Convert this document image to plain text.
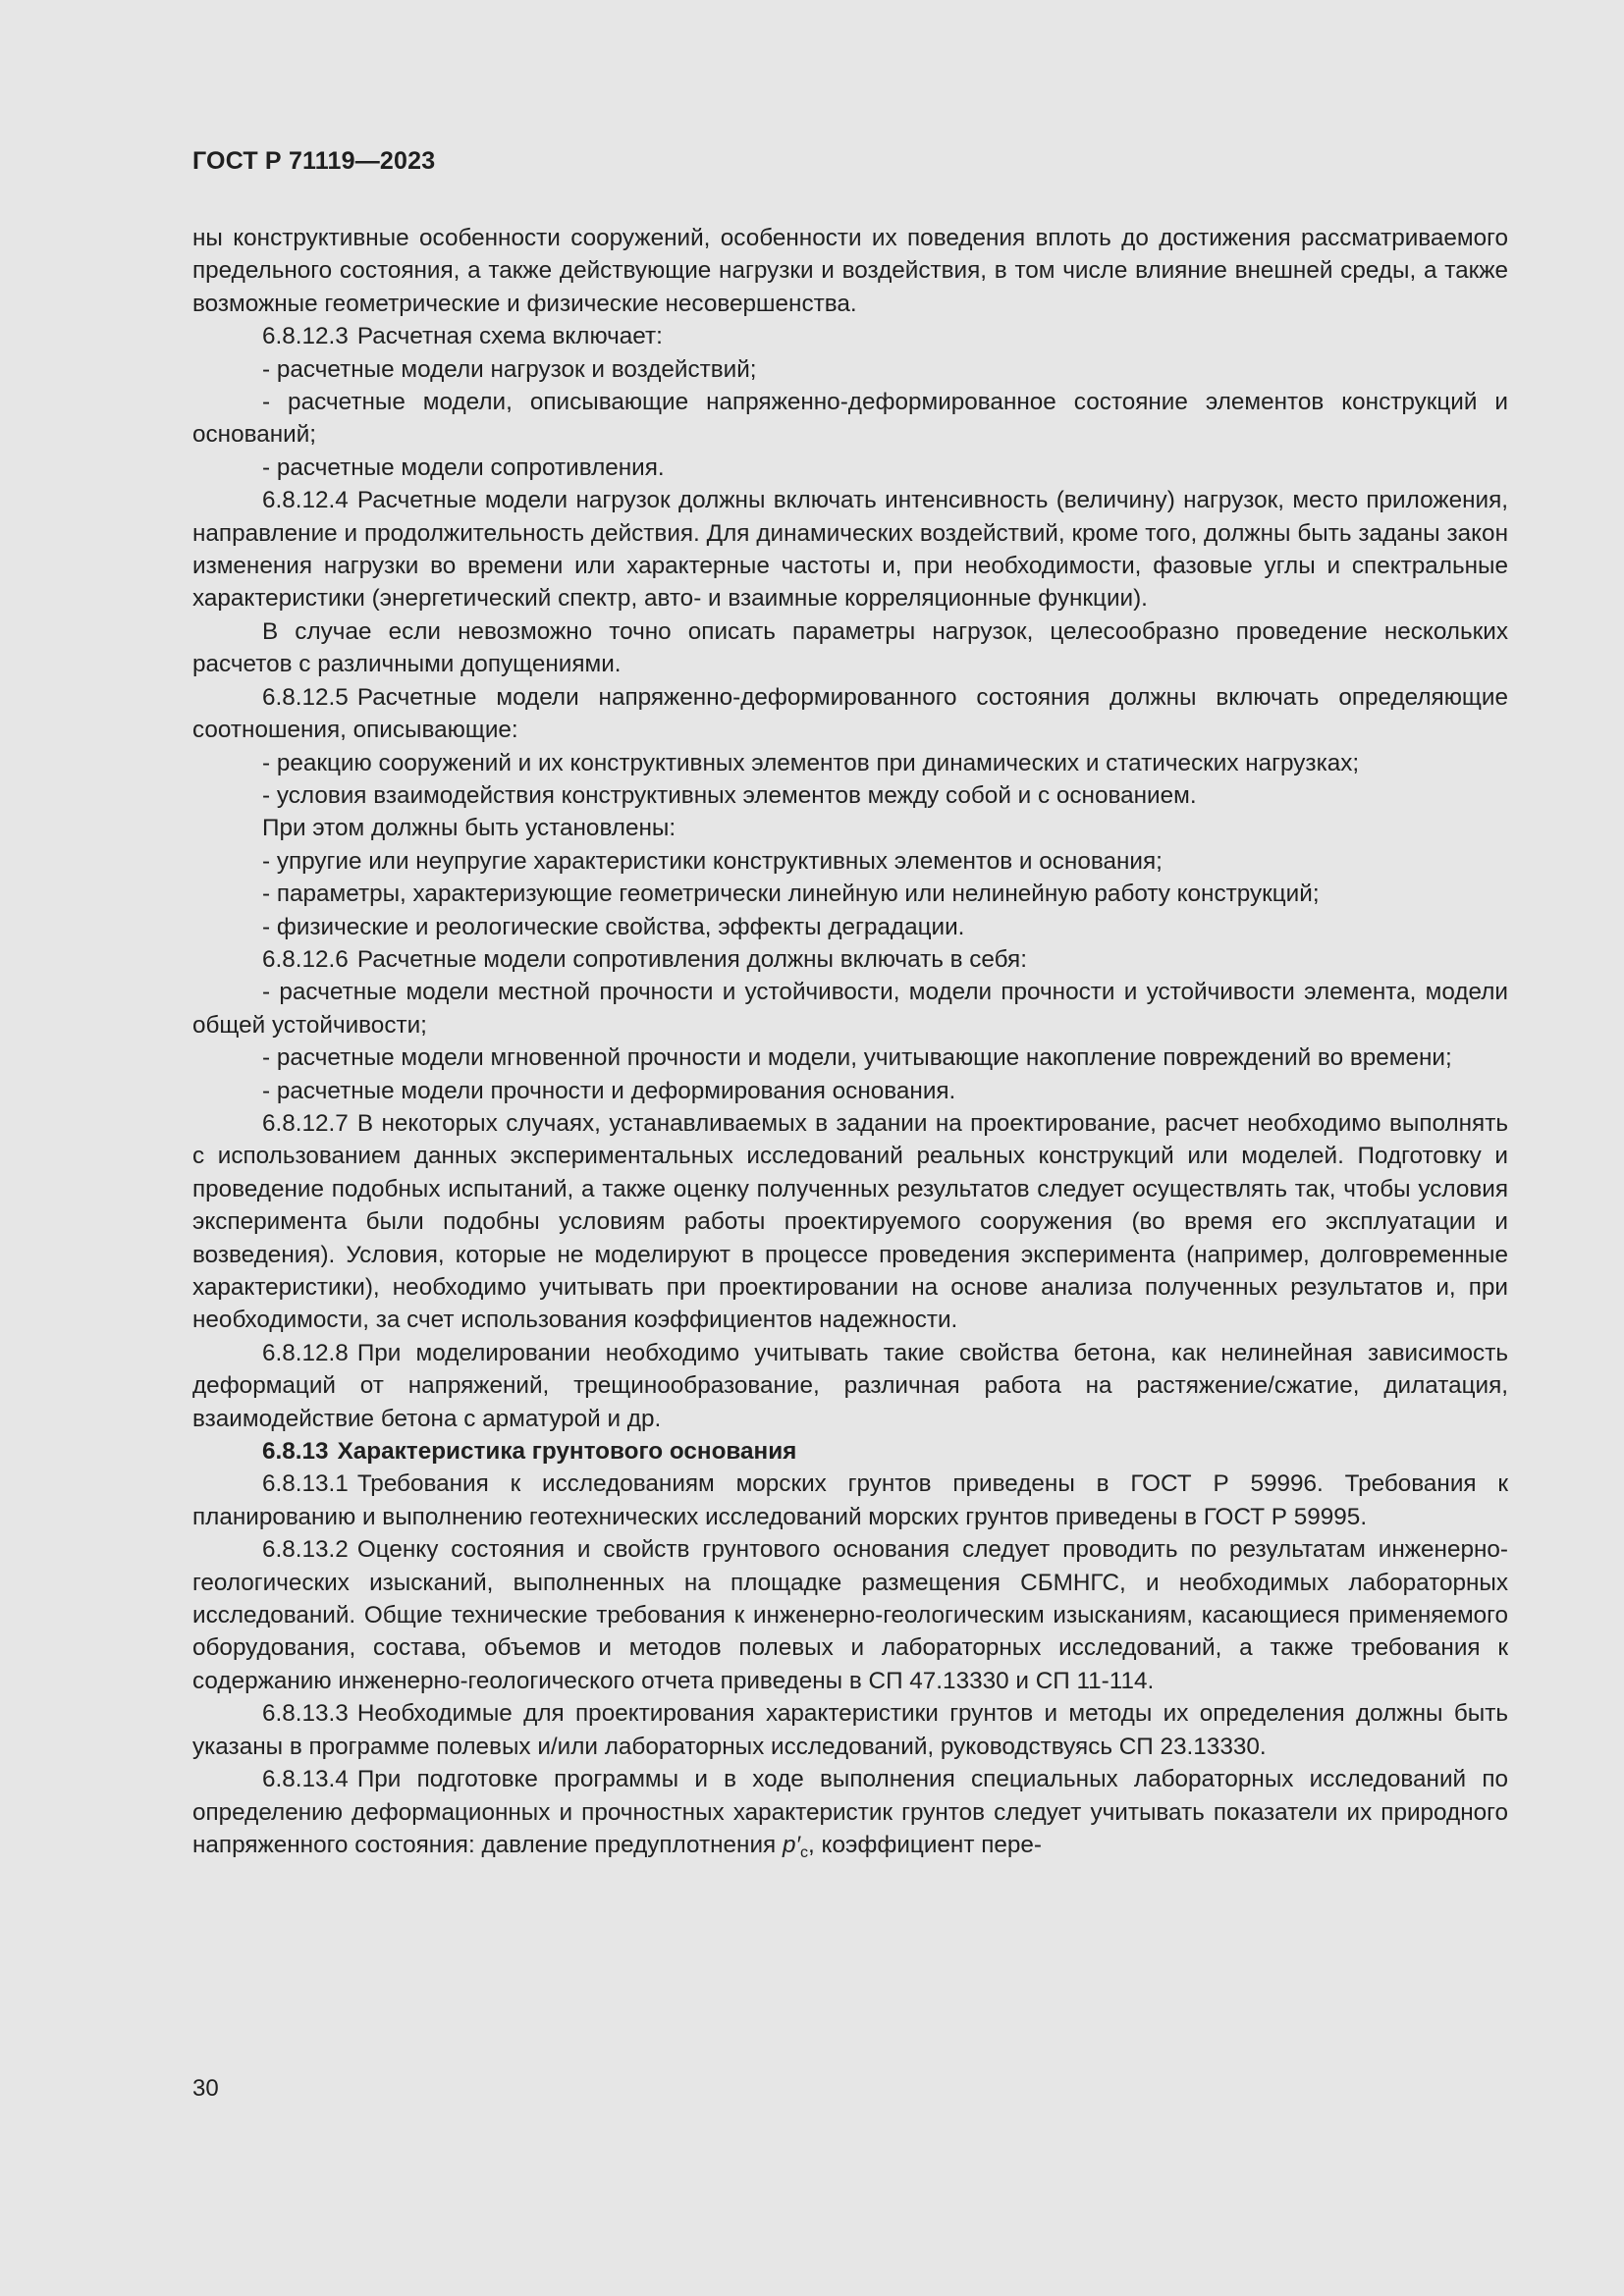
ГОСТ Р 71119—2023

ны конструктивные особенности сооружений, особенности их поведения вплоть до достижения рассматриваемого предельного состояния, а также действующие нагрузки и воздействия, в том числе влияние внешней среды, а также возможные геометрические и физические несовершенства.

6.8.12.3 Расчетная схема включает:

- расчетные модели нагрузок и воздействий;

- расчетные модели, описывающие напряженно-деформированное состояние элементов конструкций и оснований;

- расчетные модели сопротивления.

6.8.12.4 Расчетные модели нагрузок должны включать интенсивность (величину) нагрузок, место приложения, направление и продолжительность действия. Для динамических воздействий, кроме того, должны быть заданы закон изменения нагрузки во времени или характерные частоты и, при необходимости, фазовые углы и спектральные характеристики (энергетический спектр, авто- и взаимные корреляционные функции).

В случае если невозможно точно описать параметры нагрузок, целесообразно проведение нескольких расчетов с различными допущениями.

6.8.12.5 Расчетные модели напряженно-деформированного состояния должны включать определяющие соотношения, описывающие:

- реакцию сооружений и их конструктивных элементов при динамических и статических нагрузках;

- условия взаимодействия конструктивных элементов между собой и с основанием.

При этом должны быть установлены:

- упругие или неупругие характеристики конструктивных элементов и основания;

- параметры, характеризующие геометрически линейную или нелинейную работу конструкций;

- физические и реологические свойства, эффекты деградации.

6.8.12.6 Расчетные модели сопротивления должны включать в себя:

- расчетные модели местной прочности и устойчивости, модели прочности и устойчивости элемента, модели общей устойчивости;

- расчетные модели мгновенной прочности и модели, учитывающие накопление повреждений во времени;

- расчетные модели прочности и деформирования основания.

6.8.12.7 В некоторых случаях, устанавливаемых в задании на проектирование, расчет необходимо выполнять с использованием данных экспериментальных исследований реальных конструкций или моделей. Подготовку и проведение подобных испытаний, а также оценку полученных результатов следует осуществлять так, чтобы условия эксперимента были подобны условиям работы проектируемого сооружения (во время его эксплуатации и возведения). Условия, которые не моделируют в процессе проведения эксперимента (например, долговременные характеристики), необходимо учитывать при проектировании на основе анализа полученных результатов и, при необходимости, за счет использования коэффициентов надежности.

6.8.12.8 При моделировании необходимо учитывать такие свойства бетона, как нелинейная зависимость деформаций от напряжений, трещинообразование, различная работа на растяжение/сжатие, дилатация, взаимодействие бетона с арматурой и др.

6.8.13 Характеристика грунтового основания

6.8.13.1 Требования к исследованиям морских грунтов приведены в ГОСТ Р 59996. Требования к планированию и выполнению геотехнических исследований морских грунтов приведены в ГОСТ Р 59995.

6.8.13.2 Оценку состояния и свойств грунтового основания следует проводить по результатам инженерно-геологических изысканий, выполненных на площадке размещения СБМНГС, и необходимых лабораторных исследований. Общие технические требования к инженерно-геологическим изысканиям, касающиеся применяемого оборудования, состава, объемов и методов полевых и лабораторных исследований, а также требования к содержанию инженерно-геологического отчета приведены в СП 47.13330 и СП 11-114.

6.8.13.3 Необходимые для проектирования характеристики грунтов и методы их определения должны быть указаны в программе полевых и/или лабораторных исследований, руководствуясь СП 23.13330.

6.8.13.4 При подготовке программы и в ходе выполнения специальных лабораторных исследований по определению деформационных и прочностных характеристик грунтов следует учитывать показатели их природного напряженного состояния: давление предуплотнения $p'_c$, коэффициент пере-

30
